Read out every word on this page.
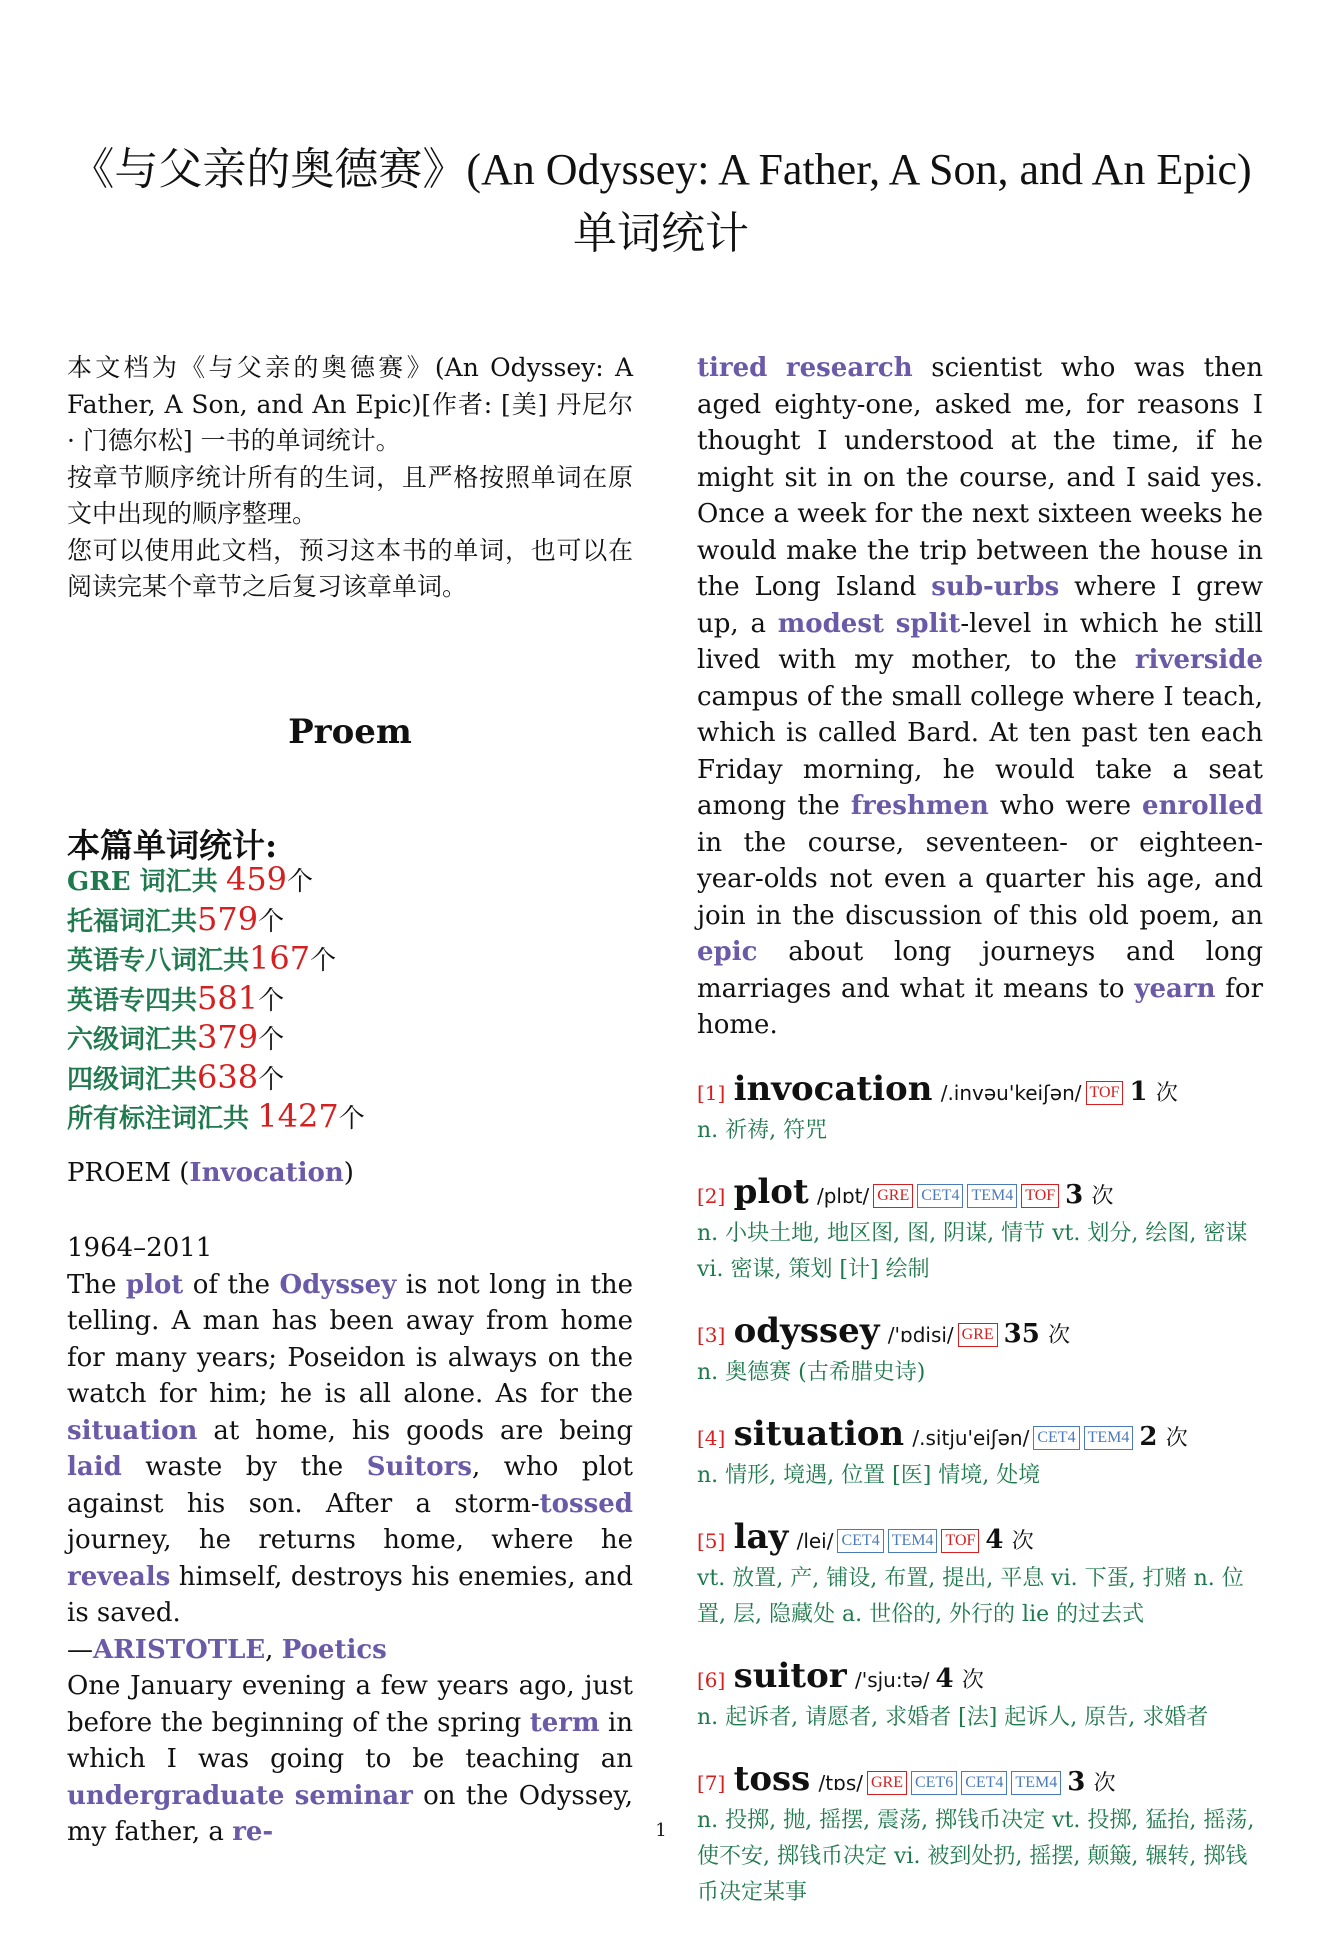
《与父亲的奥德赛》(An Odyssey: A Father, A Son, and An Epic) 单词统计

本文档为《与父亲的奥德赛》(An Odyssey: A Father, A Son, and An Epic)[作者: [美] 丹尼尔 · 门德尔松] 一书的单词统计。

按章节顺序统计所有的生词，且严格按照单词在原文中出现的顺序整理。

您可以使用此文档，预习这本书的单词，也可以在阅读完某个章节之后复习该章单词。

Proem
本篇单词统计:
GRE 词汇共 459个
托福词汇共579个
英语专八词汇共167个
英语专四共581个
六级词汇共379个
四级词汇共638个
所有标注词汇共 1427个
PROEM (Invocation)
1964–2011

The plot of the Odyssey is not long in the telling. A man has been away from home for many years; Poseidon is always on the watch for him; he is all alone. As for the situation at home, his goods are being laid waste by the Suitors, who plot against his son. After a storm-tossed journey, he returns home, where he reveals himself, destroys his enemies, and is saved.

—ARISTOTLE, Poetics

One January evening a few years ago, just before the beginning of the spring term in which I was going to be teaching an undergraduate seminar on the Odyssey, my father, a re-

tired research scientist who was then aged eighty-one, asked me, for reasons I thought I understood at the time, if he might sit in on the course, and I said yes. Once a week for the next sixteen weeks he would make the trip between the house in the Long Island sub-urbs where I grew up, a modest split-level in which he still lived with my mother, to the riverside campus of the small college where I teach, which is called Bard. At ten past ten each Friday morning, he would take a seat among the freshmen who were enrolled in the course, seventeen- or eighteen-year-olds not even a quarter his age, and join in the discussion of this old poem, an epic about long journeys and long marriages and what it means to yearn for home.

[1] invocation /.invəu'keiʃən/ TOF 1 次
n. 祈祷, 符咒
[2] plot /plɒt/ GRE CET4 TEM4 TOF 3 次
n. 小块土地, 地区图, 图, 阴谋, 情节 vt. 划分, 绘图, 密谋 vi. 密谋, 策划 [计] 绘制
[3] odyssey /'ɒdisi/ GRE 35 次
n. 奥德赛 (古希腊史诗)
[4] situation /.sitju'eiʃən/ CET4 TEM4 2 次
n. 情形, 境遇, 位置 [医] 情境, 处境
[5] lay /lei/ CET4 TEM4 TOF 4 次
vt. 放置, 产, 铺设, 布置, 提出, 平息 vi. 下蛋, 打赌 n. 位置, 层, 隐藏处 a. 世俗的, 外行的 lie 的过去式
[6] suitor /'sju:tə/ 4 次
n. 起诉者, 请愿者, 求婚者 [法] 起诉人, 原告, 求婚者
[7] toss /tɒs/ GRE CET6 CET4 TEM4 3 次
n. 投掷, 抛, 摇摆, 震荡, 掷钱币决定 vt. 投掷, 猛抬, 摇荡, 使不安, 掷钱币决定 vi. 被到处扔, 摇摆, 颠簸, 辗转, 掷钱币决定某事
1
